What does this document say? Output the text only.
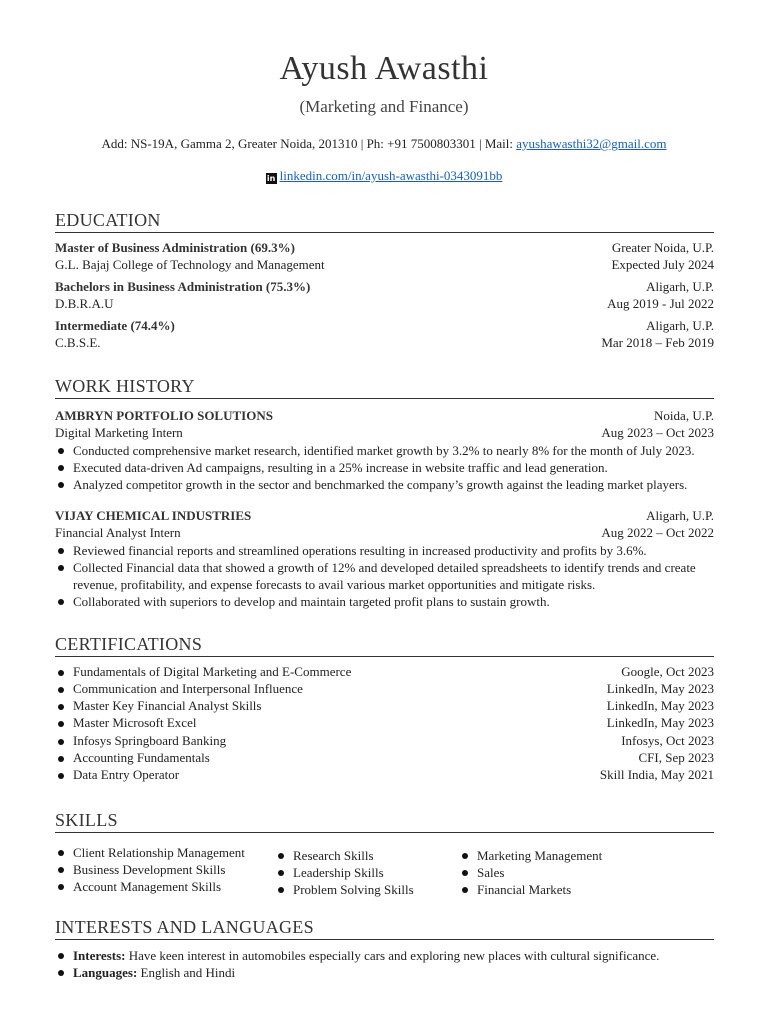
Ayush Awasthi
(Marketing and Finance)
Add: NS-19A, Gamma 2, Greater Noida, 201310 | Ph: +91 7500803301 | Mail: ayushawasthi32@gmail.com
in linkedin.com/in/ayush-awasthi-0343091bb
EDUCATION
Master of Business Administration (69.3%)	Greater Noida, U.P.
G.L. Bajaj College of Technology and Management	Expected July 2024
Bachelors in Business Administration (75.3%)	Aligarh, U.P.
D.B.R.A.U	Aug 2019 - Jul 2022
Intermediate (74.4%)	Aligarh, U.P.
C.B.S.E.	Mar 2018 – Feb 2019
WORK HISTORY
AMBRYN PORTFOLIO SOLUTIONS	Noida, U.P.
Digital Marketing Intern	Aug 2023 – Oct 2023
Conducted comprehensive market research, identified market growth by 3.2% to nearly 8% for the month of July 2023.
Executed data-driven Ad campaigns, resulting in a 25% increase in website traffic and lead generation.
Analyzed competitor growth in the sector and benchmarked the company’s growth against the leading market players.
VIJAY CHEMICAL INDUSTRIES	Aligarh, U.P.
Financial Analyst Intern	Aug 2022 – Oct 2022
Reviewed financial reports and streamlined operations resulting in increased productivity and profits by 3.6%.
Collected Financial data that showed a growth of 12% and developed detailed spreadsheets to identify trends and create revenue, profitability, and expense forecasts to avail various market opportunities and mitigate risks.
Collaborated with superiors to develop and maintain targeted profit plans to sustain growth.
CERTIFICATIONS
Fundamentals of Digital Marketing and E-Commerce	Google, Oct 2023
Communication and Interpersonal Influence	LinkedIn, May 2023
Master Key Financial Analyst Skills	LinkedIn, May 2023
Master Microsoft Excel	LinkedIn, May 2023
Infosys Springboard Banking	Infosys, Oct 2023
Accounting Fundamentals	CFI, Sep 2023
Data Entry Operator	Skill India, May 2021
SKILLS
Client Relationship Management
Business Development Skills
Account Management Skills
Research Skills
Leadership Skills
Problem Solving Skills
Marketing Management
Sales
Financial Markets
INTERESTS AND LANGUAGES
Interests: Have keen interest in automobiles especially cars and exploring new places with cultural significance.
Languages: English and Hindi
